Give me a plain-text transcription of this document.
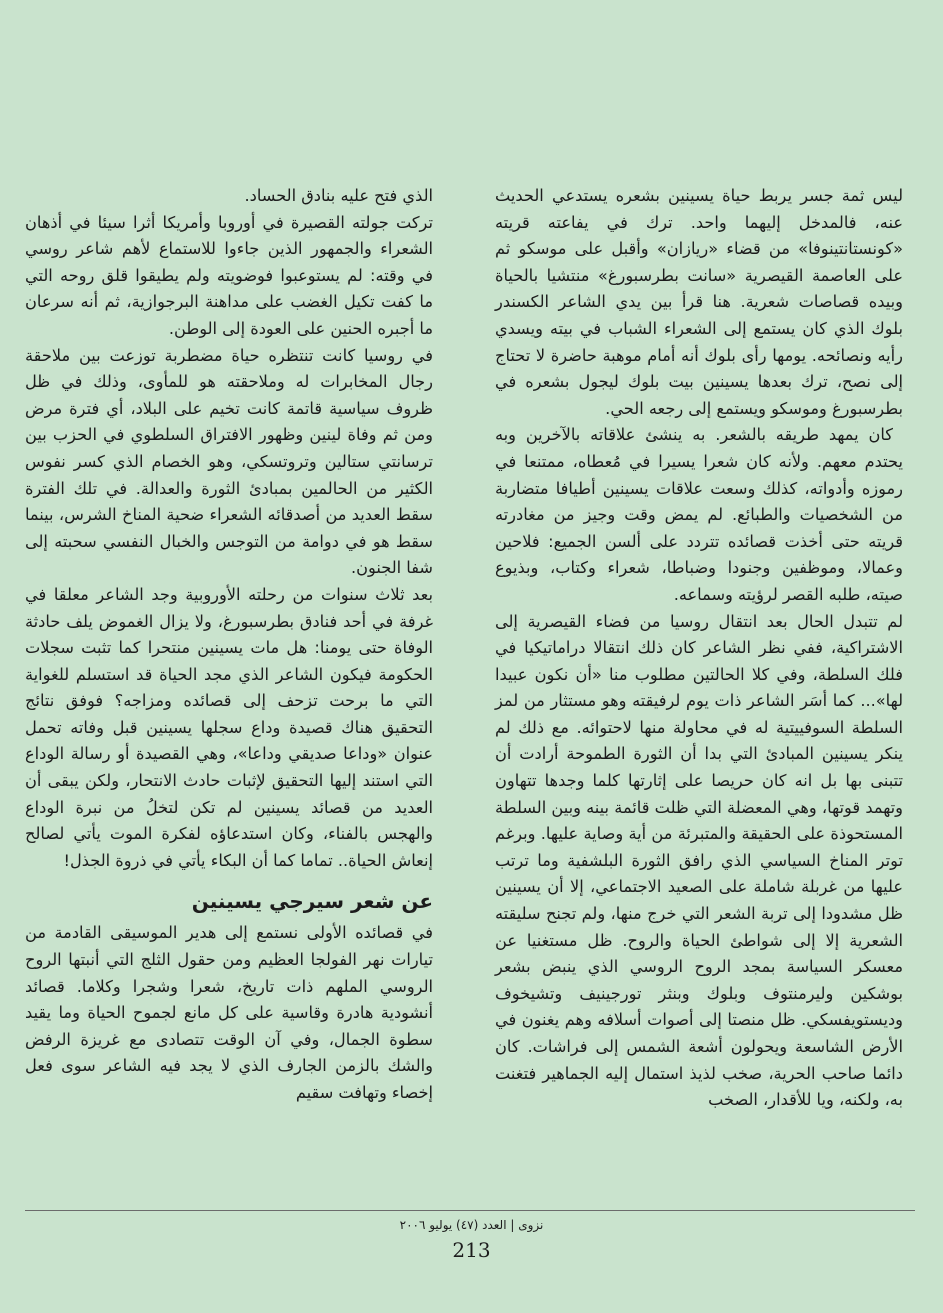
ليس ثمة جسر يربط حياة يسينين بشعره يستدعي الحديث عنه، فالمدخل إليهما واحد. ترك في يفاعته قريته «كونستانتينوفا» من قضاء «ريازان» وأقبل على موسكو ثم على العاصمة القيصرية «سانت بطرسبورغ» منتشيا بالحياة وبيده قصاصات شعرية. هنا قرأ بين يدي الشاعر الكسندر بلوك الذي كان يستمع إلى الشعراء الشباب في بيته ويسدي رأيه ونصائحه. يومها رأى بلوك أنه أمام موهبة حاضرة لا تحتاج إلى نصح، ترك بعدها يسينين بيت بلوك ليجول بشعره في بطرسبورغ وموسكو ويستمع إلى رجعه الحي.

كان يمهد طريقه بالشعر. به ينشئ علاقاته بالآخرين وبه يحتدم معهم. ولأنه كان شعرا يسيرا في مُعطاه، ممتنعا في رموزه وأدواته، كذلك وسعت علاقات يسينين أطيافا متضاربة من الشخصيات والطبائع. لم يمض وقت وجيز من مغادرته قريته حتى أخذت قصائده تتردد على ألسن الجميع: فلاحين وعمالا، وموظفين وجنودا وضباطا، شعراء وكتاب، وبذيوع صيته، طلبه القصر لرؤيته وسماعه.

لم تتبدل الحال بعد انتقال روسيا من فضاء القيصرية إلى الاشتراكية، ففي نظر الشاعر كان ذلك انتقالا دراماتيكيا في فلك السلطة، وفي كلا الحالتين مطلوب منا «أن نكون عبيدا لها»... كما أسَر الشاعر ذات يوم لرفيقته وهو مستثار من لمز السلطة السوفييتية له في محاولة منها لاحتوائه. مع ذلك لم ينكر يسينين المبادئ التي بدا أن الثورة الطموحة أرادت أن تتبنى بها بل انه كان حريصا على إثارتها كلما وجدها تتهاون وتهمد قوتها، وهي المعضلة التي ظلت قائمة بينه وبين السلطة المستحوذة على الحقيقة والمتبرئة من أية وصاية عليها. وبرغم توتر المناخ السياسي الذي رافق الثورة البلشفية وما ترتب عليها من غربلة شاملة على الصعيد الاجتماعي، إلا أن يسينين ظل مشدودا إلى تربة الشعر التي خرج منها، ولم تجنح سليقته الشعرية إلا إلى شواطئ الحياة والروح. ظل مستغنيا عن معسكر السياسة بمجد الروح الروسي الذي ينبض بشعر بوشكين وليرمنتوف وبلوك وبنثر تورجينيف وتشيخوف وديستويفسكي. ظل منصتا إلى أصوات أسلافه وهم يغنون في الأرض الشاسعة ويحولون أشعة الشمس إلى فراشات. كان دائما صاحب الحرية، صخب لذيذ استمال إليه الجماهير فتغنت به، ولكنه، ويا للأقدار، الصخب

الذي فتح عليه بنادق الحساد.

تركت جولته القصيرة في أوروبا وأمريكا أثرا سيئا في أذهان الشعراء والجمهور الذين جاءوا للاستماع لأهم شاعر روسي في وقته: لم يستوعبوا فوضويته ولم يطيقوا قلق روحه التي ما كفت تكيل الغضب على مداهنة البرجوازية، ثم أنه سرعان ما أجبره الحنين على العودة إلى الوطن.

في روسيا كانت تنتظره حياة مضطربة توزعت بين ملاحقة رجال المخابرات له وملاحقته هو للمأوى، وذلك في ظل ظروف سياسية قاتمة كانت تخيم على البلاد، أي فترة مرض ومن ثم وفاة لينين وظهور الافتراق السلطوي في الحزب بين ترسانتي ستالين وتروتسكي، وهو الخصام الذي كسر نفوس الكثير من الحالمين بمبادئ الثورة والعدالة. في تلك الفترة سقط العديد من أصدقائه الشعراء ضحية المناخ الشرس، بينما سقط هو في دوامة من التوجس والخبال النفسي سحبته إلى شفا الجنون.

بعد ثلاث سنوات من رحلته الأوروبية وجد الشاعر معلقا في غرفة في أحد فنادق بطرسبورغ، ولا يزال الغموض يلف حادثة الوفاة حتى يومنا: هل مات يسينين منتحرا كما تثبت سجلات الحكومة فيكون الشاعر الذي مجد الحياة قد استسلم للغواية التي ما برحت تزحف إلى قصائده ومزاجه؟ فوفق نتائج التحقيق هناك قصيدة وداع سجلها يسينين قبل وفاته تحمل عنوان «وداعا صديقي وداعا»، وهي القصيدة أو رسالة الوداع التي استند إليها التحقيق لإثبات حادث الانتحار، ولكن يبقى أن العديد من قصائد يسينين لم تكن لتخلُ من نبرة الوداع والهجس بالفناء، وكان استدعاؤه لفكرة الموت يأتي لصالح إنعاش الحياة.. تماما كما أن البكاء يأتي في ذروة الجذل!

عن شعر سيرجي يسينين

في قصائده الأولى نستمع إلى هدير الموسيقى القادمة من تيارات نهر الفولجا العظيم ومن حقول الثلج التي أنبتها الروح الروسي الملهم ذات تاريخ، شعرا وشجرا وكلاما. قصائد أنشودية هادرة وقاسية على كل مانع لجموح الحياة وما يقيد سطوة الجمال، وفي آن الوقت تتصادى مع غريزة الرفض والشك بالزمن الجارف الذي لا يجد فيه الشاعر سوى فعل إخصاء وتهافت سقيم

نزوى | العدد (٤٧) يوليو ٢٠٠٦
213
